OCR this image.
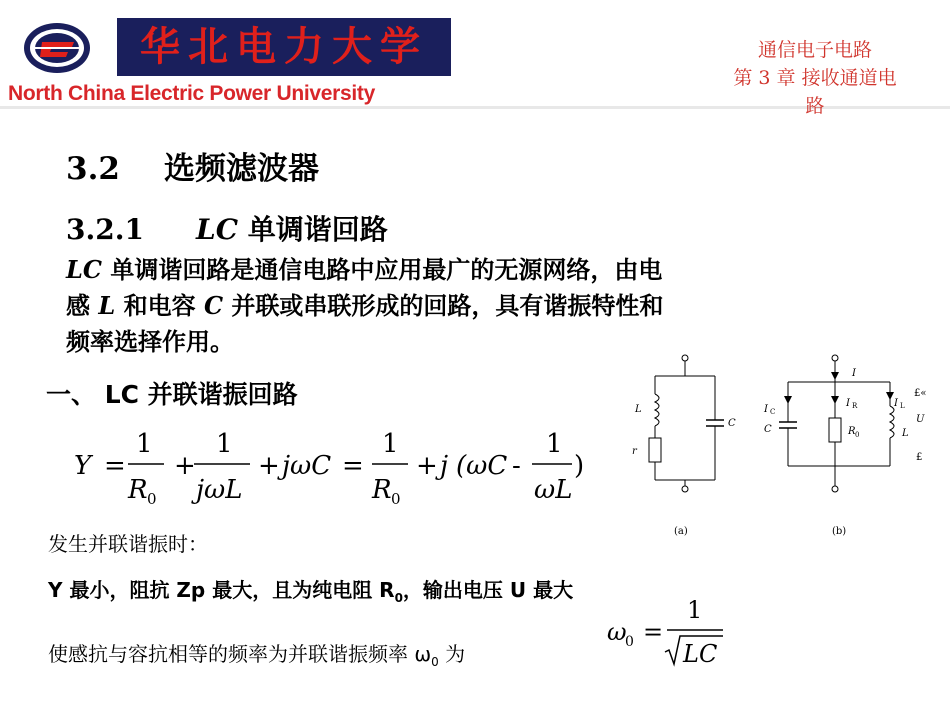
华北电力大学
North China Electric Power University
通信电子电路
第 3 章 接收通道电
路
3.2 选频滤波器
3.2.1 LC 单调谐回路
LC 单调谐回路是通信电路中应用最广的无源网络，由电
感 L 和电容 C 并联或串联形成的回路，具有谐振特性和
频率选择作用。
一、 LC 并联谐振回路
Y =
1
R 0
+
1
jωL
+ jωC =
1
R 0
+ j (ωC -
1
ωL
)
发生并联谐振时：
Y 最小，阻抗 Zp 最大，且为纯电阻 $R_0$，输出电压 U 最大
使感抗与容抗相等的频率为并联谐振频率 $\omega_0$ 为
ω
0 =
1
LC
L
C
r
(a)
I
I C
C
I R
R 0
I L
L
U
£«
£
(b)
